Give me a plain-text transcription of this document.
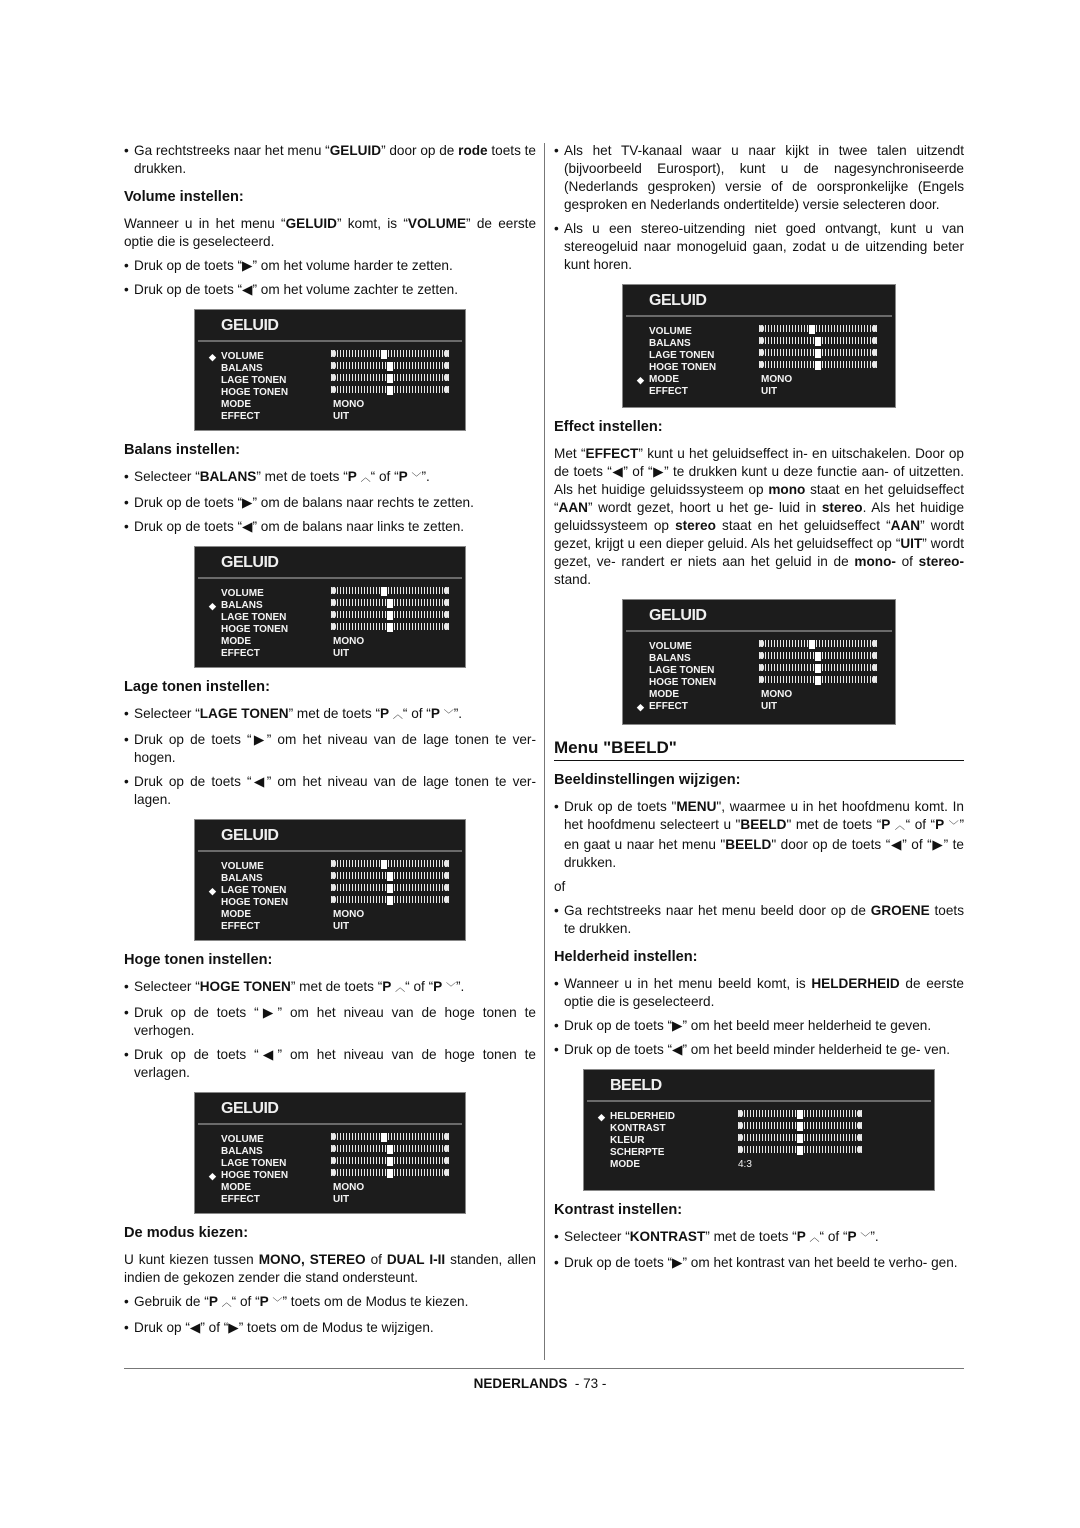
• Ga rechtstreeks naar het menu “GELUID” door op de rode toets te drukken.
Volume instellen:
Wanneer u in het menu “GELUID” komt, is “VOLUME” de eerste optie die is geselecteerd.
• Druk op de toets “▶” om het volume harder te zetten.
• Druk op de toets “◀” om het volume zachter te zetten.
GELUID
◆ VOLUME
BALANS
LAGE TONEN
HOGE TONEN
MODE	MONO
EFFECT	UIT
Balans instellen:
• Selecteer “BALANS” met de toets “P ︿“ of “P ﹀”.
• Druk op de toets “▶” om de balans naar rechts te zetten.
• Druk op de toets “◀” om de balans naar links te zetten.
GELUID
VOLUME
◆ BALANS
LAGE TONEN
HOGE TONEN
MODE	MONO
EFFECT	UIT
Lage tonen instellen:
• Selecteer “LAGE TONEN” met de toets “P ︿“ of “P ﹀”.
• Druk op de toets “▶” om het niveau van de lage tonen te ver- hogen.
• Druk op de toets “◀” om het niveau van de lage tonen te ver- lagen.
GELUID
VOLUME
BALANS
◆ LAGE TONEN
HOGE TONEN
MODE	MONO
EFFECT	UIT
Hoge tonen instellen:
• Selecteer “HOGE TONEN” met de toets “P ︿“ of “P ﹀”.
• Druk op de toets “▶” om het niveau van de hoge tonen te verhogen.
• Druk op de toets “◀” om het niveau van de hoge tonen te verlagen.
GELUID
VOLUME
BALANS
LAGE TONEN
◆ HOGE TONEN
MODE	MONO
EFFECT	UIT
De modus kiezen:
U kunt kiezen tussen MONO, STEREO of DUAL I-II standen, allen indien de gekozen zender die stand ondersteunt.
• Gebruik de “P ︿“ of “P ﹀” toets om de Modus te kiezen.
• Druk op “◀” of “▶” toets om de Modus te wijzigen.
• Als het TV-kanaal waar u naar kijkt in twee talen uitzendt (bijvoorbeeld Eurosport), kunt u de nagesynchroniseerde (Nederlands gesproken) versie of de oorspronkelijke (Engels gesproken en Nederlands ondertitelde) versie selecteren door.
• Als u een stereo-uitzending niet goed ontvangt, kunt u van stereogeluid naar monogeluid gaan, zodat u de uitzending beter kunt horen.
GELUID
VOLUME
BALANS
LAGE TONEN
HOGE TONEN
◆ MODE	MONO
EFFECT	UIT
Effect instellen:
Met “EFFECT” kunt u het geluidseffect in- en uitschakelen. Door op de toets “◀” of “▶” te drukken kunt u deze functie aan- of uitzetten. Als het huidige geluidssysteem op mono staat en het geluidseffect “AAN” wordt gezet, hoort u het ge- luid in stereo. Als het huidige geluidssysteem op stereo staat en het geluidseffect “AAN” wordt gezet, krijgt u een dieper geluid. Als het geluidseffect op “UIT” wordt gezet, ve- randert er niets aan het geluid in de mono- of stereo-stand.
GELUID
VOLUME
BALANS
LAGE TONEN
HOGE TONEN
MODE	MONO
◆ EFFECT	UIT
Menu "BEELD"
Beeldinstellingen wijzigen:
• Druk op de toets "MENU", waarmee u in het hoofdmenu komt. In het hoofdmenu selecteert u "BEELD" met de toets “P ︿“ of “P ﹀” en gaat u naar het menu "BEELD" door op de toets “◀” of “▶” te drukken.
of
• Ga rechtstreeks naar het menu beeld door op de GROENE toets te drukken.
Helderheid instellen:
• Wanneer u in het menu beeld komt, is HELDERHEID de eerste optie die is geselecteerd.
• Druk op de toets “▶” om het beeld meer helderheid te geven.
• Druk op de toets “◀” om het beeld minder helderheid te ge- ven.
BEELD
◆ HELDERHEID
KONTRAST
KLEUR
SCHERPTE
MODE	4:3
Kontrast instellen:
• Selecteer “KONTRAST” met de toets “P ︿“ of “P ﹀”.
• Druk op de toets “▶” om het kontrast van het beeld te verho- gen.
NEDERLANDS - 73 -
